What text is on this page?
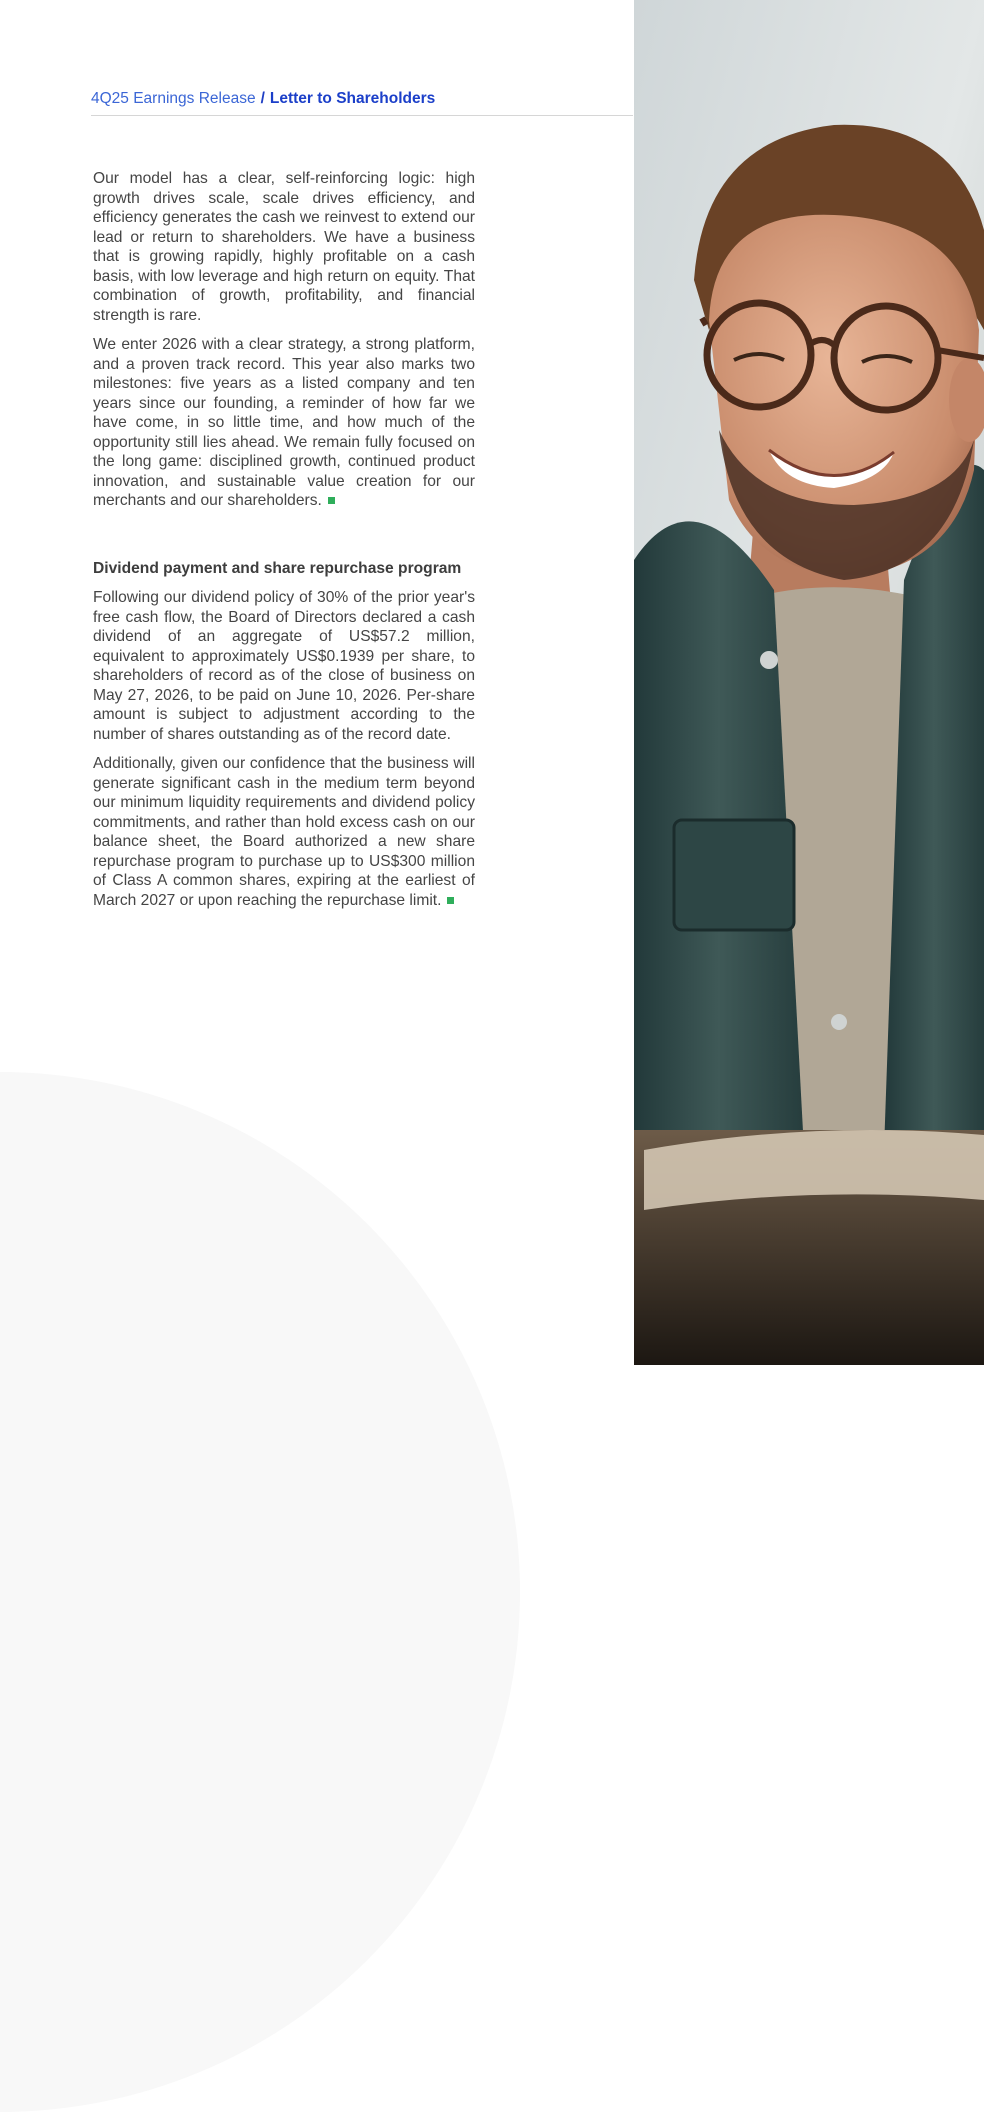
4Q25 Earnings Release / Letter to Shareholders

Our model has a clear, self-reinforcing logic: high growth drives scale, scale drives efficiency, and efficiency generates the cash we reinvest to extend our lead or return to shareholders. We have a business that is growing rapidly, highly profitable on a cash basis, with low leverage and high return on equity. That combination of growth, profitability, and financial strength is rare.

We enter 2026 with a clear strategy, a strong platform, and a proven track record. This year also marks two milestones: five years as a listed company and ten years since our founding, a reminder of how far we have come, in so little time, and how much of the opportunity still lies ahead. We remain fully focused on the long game: disciplined growth, continued product innovation, and sustainable value creation for our merchants and our shareholders.

Dividend payment and share repurchase program

Following our dividend policy of 30% of the prior year's free cash flow, the Board of Directors declared a cash dividend of an aggregate of US$57.2 million, equivalent to approximately US$0.1939 per share, to shareholders of record as of the close of business on May 27, 2026, to be paid on June 10, 2026. Per-share amount is subject to adjustment according to the number of shares outstanding as of the record date.

Additionally, given our confidence that the business will generate significant cash in the medium term beyond our minimum liquidity requirements and dividend policy commitments, and rather than hold excess cash on our balance sheet, the Board authorized a new share repurchase program to purchase up to US$300 million of Class A common shares, expiring at the earliest of March 2027 or upon reaching the repurchase limit.
